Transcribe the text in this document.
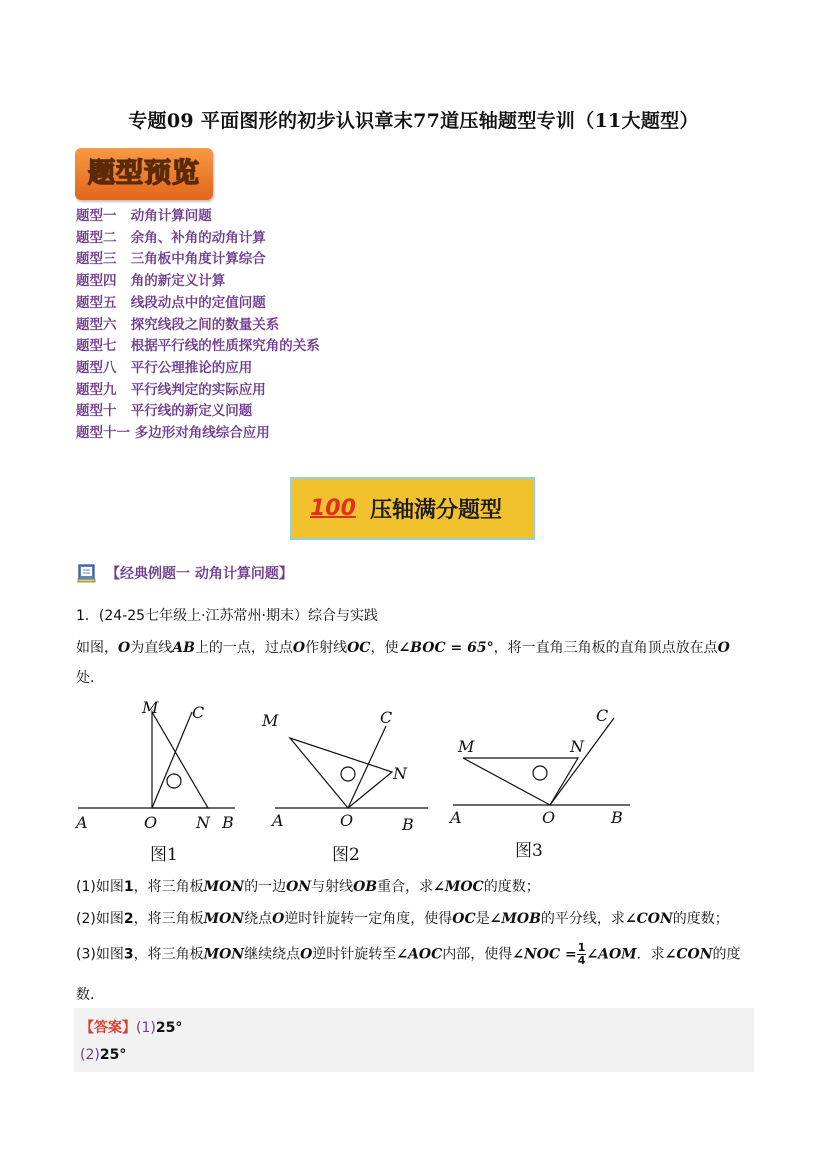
专题09 平面图形的初步认识章末77道压轴题型专训（11大题型）
题型预览
题型一 动角计算问题
题型二 余角、补角的动角计算
题型三 三角板中角度计算综合
题型四 角的新定义计算
题型五 线段动点中的定值问题
题型六 探究线段之间的数量关系
题型七 根据平行线的性质探究角的关系
题型八 平行公理推论的应用
题型九 平行线判定的实际应用
题型十 平行线的新定义问题
题型十一 多边形对角线综合应用
100 压轴满分题型
【经典例题一 动角计算问题】
1．(24-25七年级上·江苏常州·期末）综合与实践
如图，O为直线AB上的一点，过点O作射线OC，使∠BOC = 65°，将一直角三角板的直角顶点放在点O
处．
M C
A	O N B
图1
M	C
N
A	O	B
图2
M	N
C
A	O	B
图3
(1)如图1，将三角板MON的一边ON与射线OB重合，求∠MOC的度数；
(2)如图2，将三角板MON绕点O逆时针旋转一定角度，使得OC是∠MOB的平分线，求∠CON的度数；
(3)如图3，将三角板MON继续绕点O逆时针旋转至∠AOC内部，使得∠NOC = $\frac{1}{4}$ ∠AOM．求∠CON的度
数．
【答案】(1)25°
(2)25°
